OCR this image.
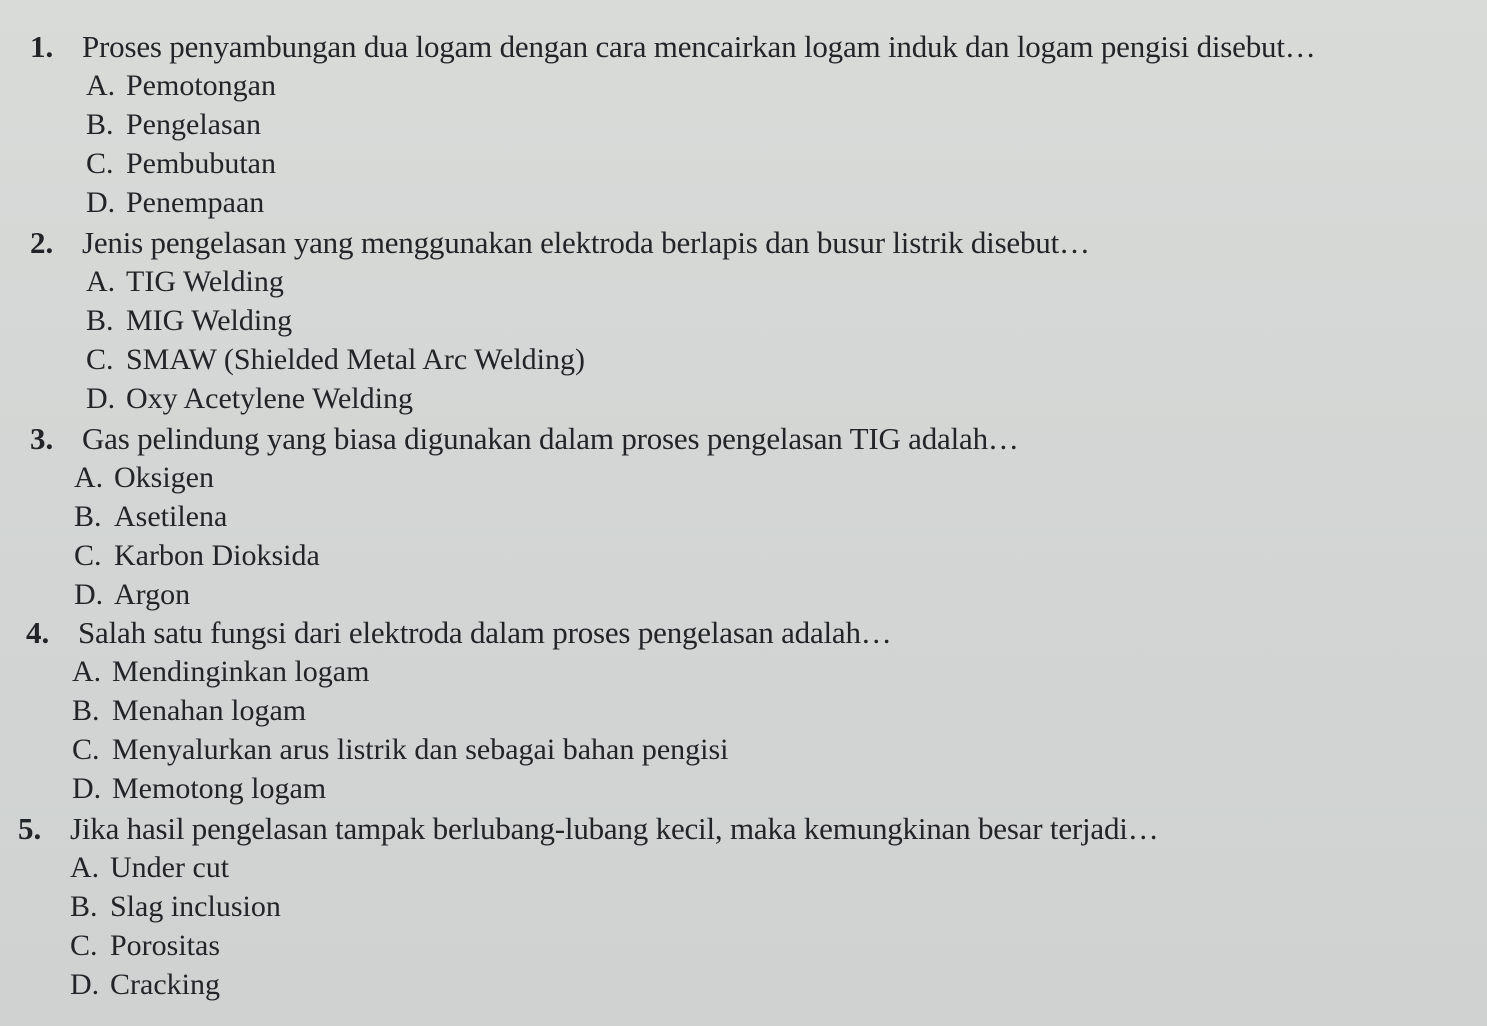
1. Proses penyambungan dua logam dengan cara mencairkan logam induk dan logam pengisi disebut…
A. Pemotongan
B. Pengelasan
C. Pembubutan
D. Penempaan
2. Jenis pengelasan yang menggunakan elektroda berlapis dan busur listrik disebut…
A. TIG Welding
B. MIG Welding
C. SMAW (Shielded Metal Arc Welding)
D. Oxy Acetylene Welding
3. Gas pelindung yang biasa digunakan dalam proses pengelasan TIG adalah…
A. Oksigen
B. Asetilena
C. Karbon Dioksida
D. Argon
4. Salah satu fungsi dari elektroda dalam proses pengelasan adalah…
A. Mendinginkan logam
B. Menahan logam
C. Menyalurkan arus listrik dan sebagai bahan pengisi
D. Memotong logam
5. Jika hasil pengelasan tampak berlubang-lubang kecil, maka kemungkinan besar terjadi…
A. Under cut
B. Slag inclusion
C. Porositas
D. Cracking
